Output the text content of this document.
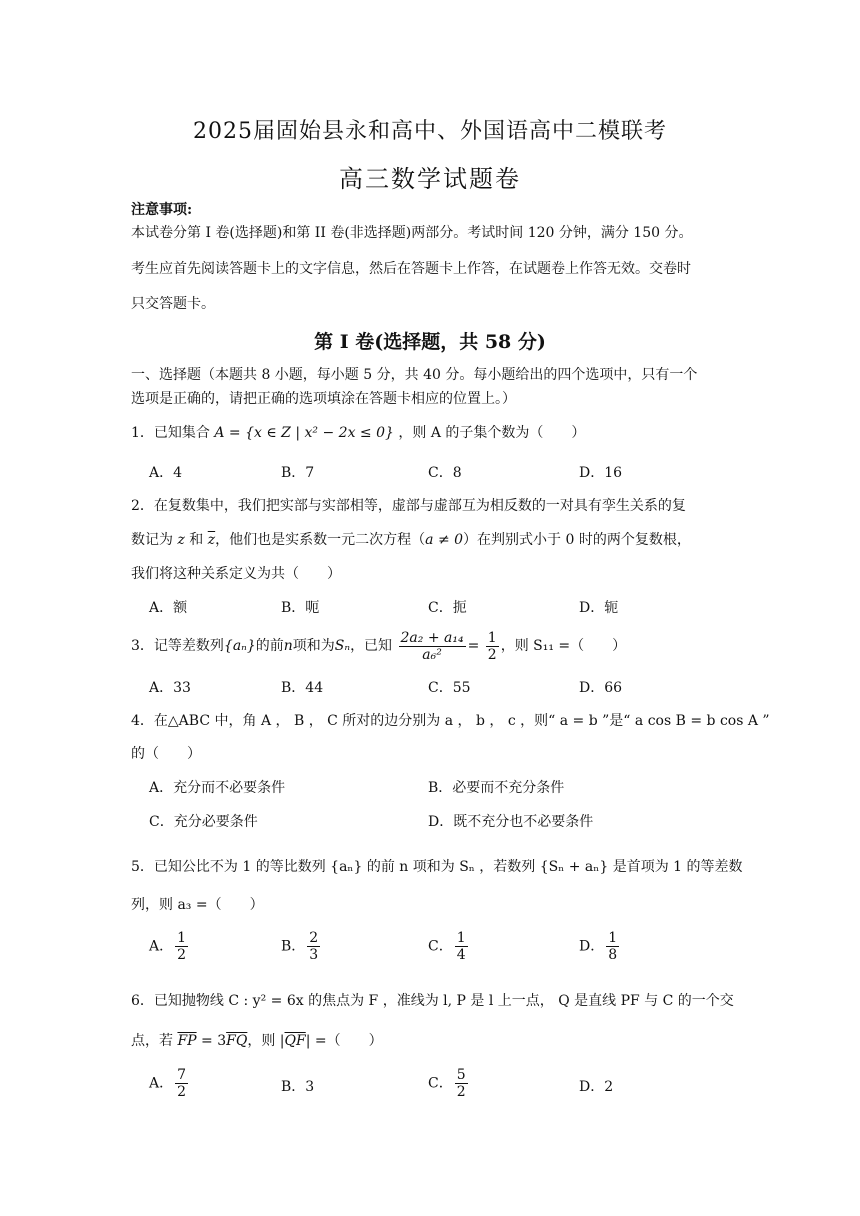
2025届固始县永和高中、外国语高中二模联考
高三数学试题卷
注意事项:
本试卷分第 I 卷(选择题)和第 II 卷(非选择题)两部分。考试时间 120 分钟，满分 150 分。
考生应首先阅读答题卡上的文字信息，然后在答题卡上作答，在试题卷上作答无效。交卷时
只交答题卡。
第 I 卷(选择题，共 58 分)
一、选择题（本题共 8 小题，每小题 5 分，共 40 分。每小题给出的四个选项中，只有一个
选项是正确的，请把正确的选项填涂在答题卡相应的位置上。）
1．已知集合 A = {x ∈ Z | x² − 2x ≤ 0} ，则 A 的子集个数为（　　）
A．4	B．7	C．8	D．16
2．在复数集中，我们把实部与实部相等，虚部与虚部互为相反数的一对具有孪生关系的复
数记为 z 和 $\overline{z}$，他们也是实系数一元二次方程（a ≠ 0）在判别式小于 0 时的两个复数根，
我们将这种关系定义为共（　　）
A．额	B．呃	C．扼	D．轭
3．记等差数列{aₙ}的前n项和为Sₙ，已知 $\frac{\text{2a₂ + a₁₄}}{\text{a₆²}} = \frac{1}{2}$ ，则 S₁₁ =（　　）
A．33	B．44	C．55	D．66
4．在△ABC 中，角 A ， B ， C 所对的边分别为 a ， b ， c ，则“ a = b ”是“ a cos B = b cos A ”
的（　　）
A．充分而不必要条件	B．必要而不充分条件
C．充分必要条件	D．既不充分也不必要条件
5．已知公比不为 1 的等比数列 {aₙ} 的前 n 项和为 Sₙ ，若数列 {Sₙ + aₙ} 是首项为 1 的等差数
列，则 a₃ =（　　）
A． $\frac{1}{2}$	B． $\frac{2}{3}$	C． $\frac{1}{4}$	D． $\frac{1}{8}$
6．已知抛物线 C : y² = 6x 的焦点为 F ，准线为 l, P 是 l 上一点， Q 是直线 PF 与 C 的一个交
点，若 $\overline{FP} = 3\overline{FQ}$，则 $|\overline{QF}|$ =（　　）
A． $\frac{7}{2}$	B．3	C． $\frac{5}{2}$	D．2
